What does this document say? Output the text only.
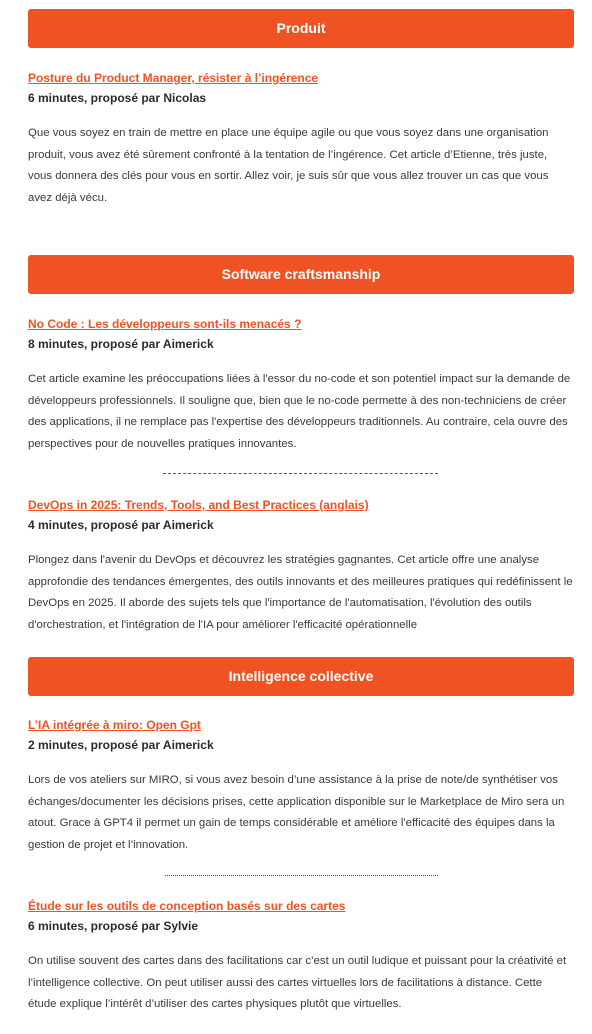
Produit
Posture du Product Manager, résister à l’ingérence
6 minutes, proposé par Nicolas
Que vous soyez en train de mettre en place une équipe agile ou que vous soyez dans une organisation produit, vous avez été sûrement confronté à la tentation de l’ingérence. Cet article d’Etienne, très juste, vous donnera des clés pour vous en sortir. Allez voir, je suis sûr que vous allez trouver un cas que vous avez déjà vécu.
Software craftsmanship
No Code : Les développeurs sont-ils menacés ?
8 minutes, proposé par Aimerick
Cet article examine les préoccupations liées à l'essor du no-code et son potentiel impact sur la demande de développeurs professionnels. Il souligne que, bien que le no-code permette à des non-techniciens de créer des applications, il ne remplace pas l'expertise des développeurs traditionnels. Au contraire, cela ouvre des perspectives pour de nouvelles pratiques innovantes.
DevOps in 2025: Trends, Tools, and Best Practices (anglais)
4 minutes, proposé par Aimerick
Plongez dans l'avenir du DevOps et découvrez les stratégies gagnantes. Cet article offre une analyse approfondie des tendances émergentes, des outils innovants et des meilleures pratiques qui redéfinissent le DevOps en 2025. Il aborde des sujets tels que l'importance de l'automatisation, l'évolution des outils d'orchestration, et l'intégration de l'IA pour améliorer l'efficacité opérationnelle
Intelligence collective
L’IA intégrée à miro: Open Gpt
2 minutes, proposé par Aimerick
Lors de vos ateliers sur MIRO, si vous avez besoin d’une assistance à la prise de note/de synthétiser vos échanges/documenter les décisions prises, cette application disponible sur le Marketplace de Miro sera un atout. Grace à GPT4 il permet un gain de temps considérable et améliore l'efficacité des équipes dans la gestion de projet et l’innovation.
Étude sur les outils de conception basés sur des cartes
6 minutes, proposé par Sylvie
On utilise souvent des cartes dans des facilitations car c’est un outil ludique et puissant pour la créativité et l’intelligence collective. On peut utiliser aussi des cartes virtuelles lors de facilitations à distance. Cette étude explique l’intérêt d’utiliser des cartes physiques plutôt que virtuelles.
